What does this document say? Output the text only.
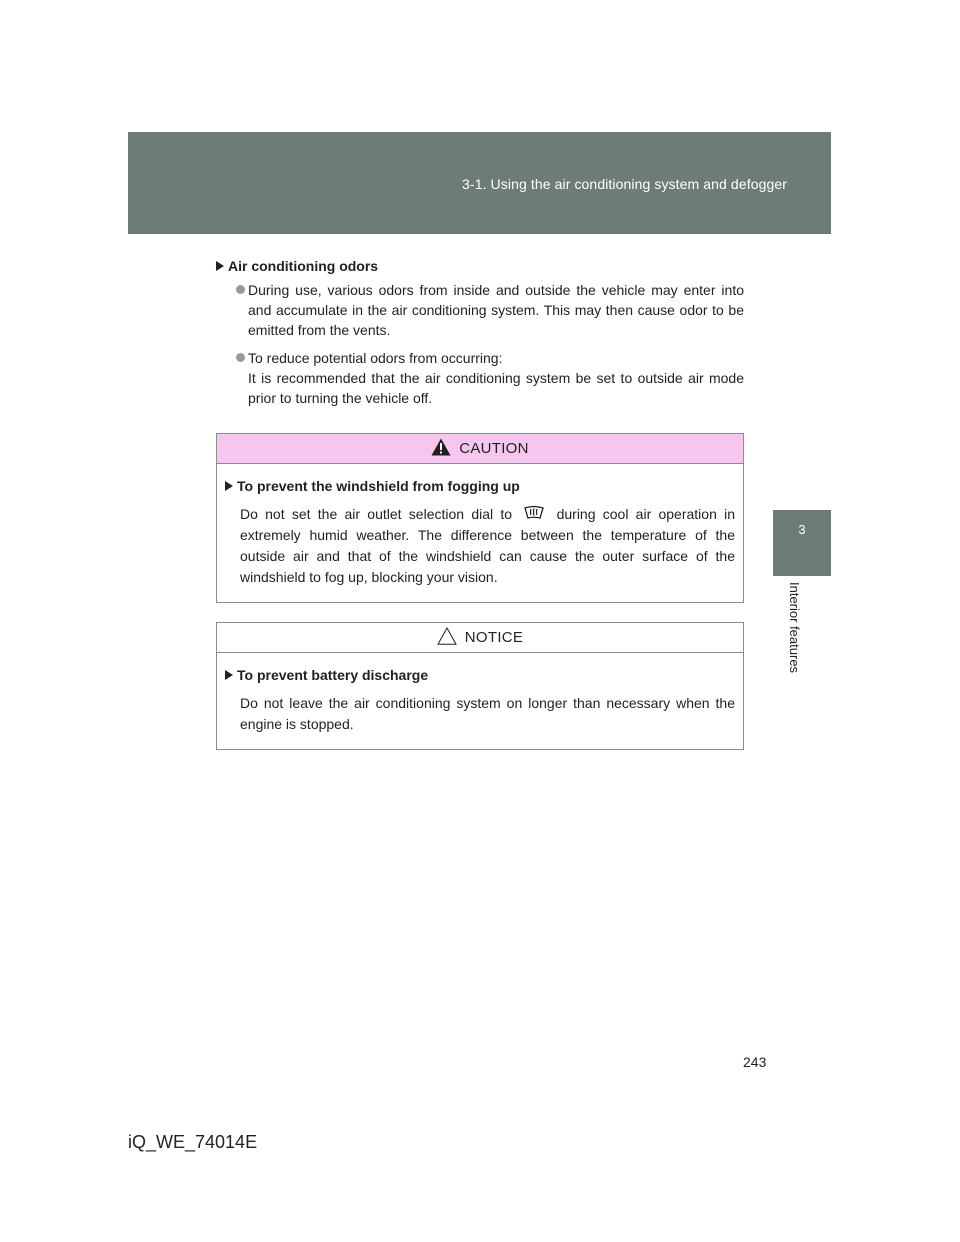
3-1. Using the air conditioning system and defogger
3
Interior features
Air conditioning odors
During use, various odors from inside and outside the vehicle may enter into and accumulate in the air conditioning system. This may then cause odor to be emitted from the vents.
To reduce potential odors from occurring:
It is recommended that the air conditioning system be set to outside air mode prior to turning the vehicle off.
CAUTION
To prevent the windshield from fogging up
Do not set the air outlet selection dial to	during cool air operation in extremely humid weather. The difference between the temperature of the outside air and that of the windshield can cause the outer surface of the windshield to fog up, blocking your vision.
NOTICE
To prevent battery discharge
Do not leave the air conditioning system on longer than necessary when the engine is stopped.
243
iQ_WE_74014E
